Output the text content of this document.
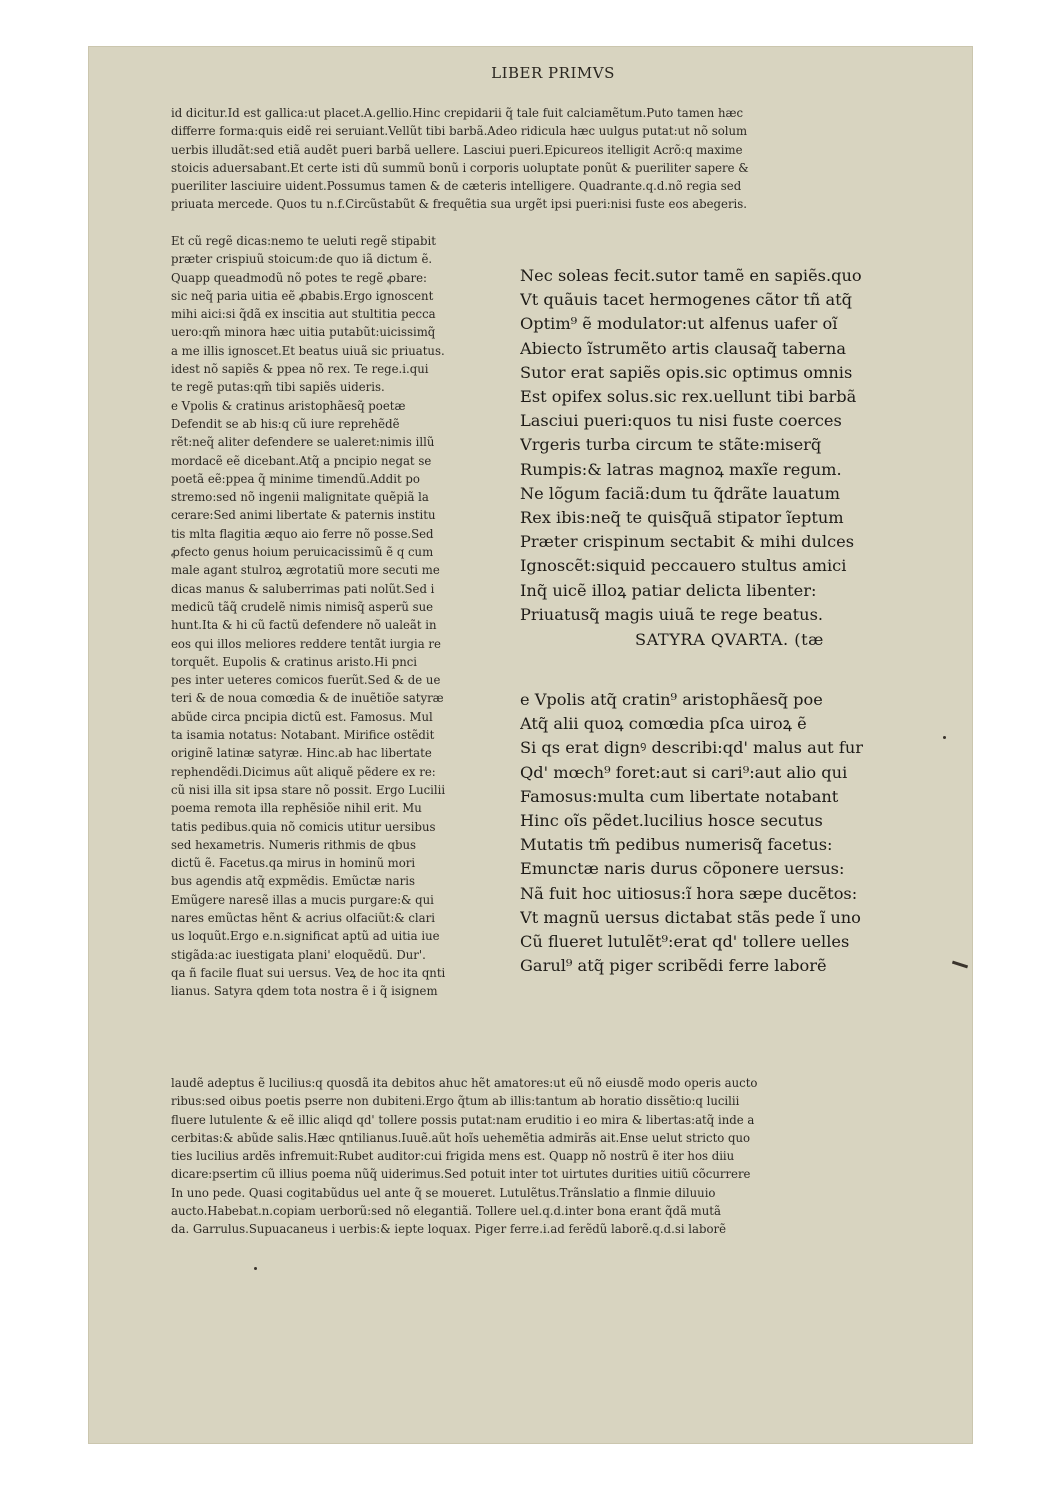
LIBER PRIMVS
id dicitur.Id est gallica:ut placet.A.gellio.Hinc crepidarii q̃ tale fuit calciamẽtum.Puto tamen hæc
differre forma:quis eidẽ rei seruiant.Vellũt tibi barbã.Adeo ridicula hæc uulgus putat:ut nõ solum
uerbis illudãt:sed etiã audẽt pueri barbã uellere. Lasciui pueri.Epicureos itelligit Acrõ:q maxime
stoicis aduersabant.Et certe isti dũ summũ bonũ i corporis uoluptate ponũt & pueriliter sapere &
pueriliter lasciuire uident.Possumus tamen & de cæteris intelligere. Quadrante.q.d.nõ regia sed
priuata mercede. Quos tu n.f.Circũstabũt & frequẽtia sua urgẽt ipsi pueri:nisi fuste eos abegeris.
Et cũ regẽ dicas:nemo te ueluti regẽ stipabit
præter crispiuũ stoicum:de quo iã dictum ẽ.
Quapp queadmodũ nõ potes te regẽ ꝓbare:
sic neq̃ paria uitia eẽ ꝓbabis.Ergo ignoscent
mihi aici:si q̃dã ex inscitia aut stultitia pecca
uero:qm̃ minora hæc uitia putabũt:uicissimq̃
a me illis ignoscet.Et beatus uiuã sic priuatus.
idest nõ sapiẽs & ppea nõ rex. Te rege.i.qui
te regẽ putas:qm̃ tibi sapiẽs uideris.
e Vpolis & cratinus aristophãesq̃ poetæ
Defendit se ab his:q cũ iure reprehẽdẽ
rẽt:neq̃ aliter defendere se ualeret:nimis illũ
mordacẽ eẽ dicebant.Atq̃ a pncipio negat se
poetã eẽ:ppea q̃ minime timendũ.Addit po
stremo:sed nõ ingenii malignitate quẽpiã la
cerare:Sed animi libertate & paternis institu
tis mlta flagitia æquo aio ferre nõ posse.Sed
ꝓfecto genus hoium peruicacissimũ ẽ q cum
male agant stulroꝝ ægrotatiũ more secuti me
dicas manus & saluberrimas pati nolũt.Sed i
medicũ tãq̃ crudelẽ nimis nimisq̃ asperũ sue
hunt.Ita & hi cũ factũ defendere nõ ualeãt in
eos qui illos meliores reddere tentãt iurgia re
torquẽt. Eupolis & cratinus aristo.Hi pnci
pes inter ueteres comicos fuerũt.Sed & de ue
teri & de noua comœdia & de inuẽtiõe satyræ
abũde circa pncipia dictũ est. Famosus. Mul
ta isamia notatus: Notabant. Mirifice ostẽdit
originẽ latinæ satyræ. Hinc.ab hac libertate
rephendẽdi.Dicimus aũt aliquẽ pẽdere ex re:
cũ nisi illa sit ipsa stare nõ possit. Ergo Lucilii
poema remota illa rephẽsiõe nihil erit. Mu
tatis pedibus.quia nõ comicis utitur uersibus
sed hexametris. Numeris rithmis de qbus
dictũ ẽ. Facetus.qa mirus in hominũ mori
bus agendis atq̃ expmẽdis. Emũctæ naris
Emũgere naresẽ illas a mucis purgare:& qui
nares emũctas hẽnt & acrius olfaciũt:& clari
us loquũt.Ergo e.n.significat aptũ ad uitia iue
stigãda:ac iuestigata plani' eloquẽdũ. Dur'.
qa ñ facile fluat sui uersus. Veꝝ de hoc ita qnti
lianus. Satyra qdem tota nostra ẽ i q̃ isignem
Nec soleas fecit.sutor tamẽ en sapiẽs.quo
Vt quãuis tacet hermogenes cãtor tñ atq̃
Optim⁹ ẽ modulator:ut alfenus uafer oĩ
Abiecto ĩstrumẽto artis clausaq̃ taberna
Sutor erat sapiẽs opis.sic optimus omnis
Est opifex solus.sic rex.uellunt tibi barbã
Lasciui pueri:quos tu nisi fuste coerces
Vrgeris turba circum te stãte:miserq̃
Rumpis:& latras magnoꝝ maxĩe regum.
Ne lõgum faciã:dum tu q̃drãte lauatum
Rex ibis:neq̃ te quisq̃uã stipator ĩeptum
Præter crispinum sectabit & mihi dulces
Ignoscẽt:siquid peccauero stultus amici
Inq̃ uicẽ illoꝝ patiar delicta libenter:
Priuatusq̃ magis uiuã te rege beatus.
SATYRA QVARTA. (tæ
e Vpolis atq̃ cratin⁹ aristophãesq̃ poe
Atq̃ alii quoꝝ comœdia pſca uiroꝝ ẽ
Si qs erat dignꝰ describi:qd' malus aut fur
Qd' mœch⁹ foret:aut si cari⁹:aut alio qui
Famosus:multa cum libertate notabant
Hinc oĩs pẽdet.lucilius hosce secutus
Mutatis tm̃ pedibus numerisq̃ facetus:
Emunctæ naris durus cõponere uersus:
Nã fuit hoc uitiosus:ĩ hora sæpe ducẽtos:
Vt magnũ uersus dictabat stãs pede ĩ uno
Cũ flueret lutulẽt⁹:erat qd' tollere uelles
Garul⁹ atq̃ piger scribẽdi ferre laborẽ
laudẽ adeptus ẽ lucilius:q quosdã ita debitos ahuc hẽt amatores:ut eũ nõ eiusdẽ modo operis aucto
ribus:sed oibus poetis pserre non dubiteni.Ergo q̃tum ab illis:tantum ab horatio dissẽtio:q lucilii
fluere lutulente & eẽ illic aliqd qd' tollere possis putat:nam eruditio i eo mira & libertas:atq̃ inde a
cerbitas:& abũde salis.Hæc qntilianus.Iuuẽ.aũt hoĩs uehemẽtia admirãs ait.Ense uelut stricto quo
ties lucilius ardẽs infremuit:Rubet auditor:cui frigida mens est. Quapp nõ nostrũ ẽ iter hos diiu
dicare:psertim cũ illius poema nũq̃ uiderimus.Sed potuit inter tot uirtutes durities uitiũ cõcurrere
In uno pede. Quasi cogitabũdus uel ante q̃ se moueret. Lutulẽtus.Trãnslatio a flnmie diluuio
aucto.Habebat.n.copiam uerborũ:sed nõ elegantiã. Tollere uel.q.d.inter bona erant q̃dã mutã
da. Garrulus.Supuacaneus i uerbis:& iepte loquax. Piger ferre.i.ad ferẽdũ laborẽ.q.d.si laborẽ
